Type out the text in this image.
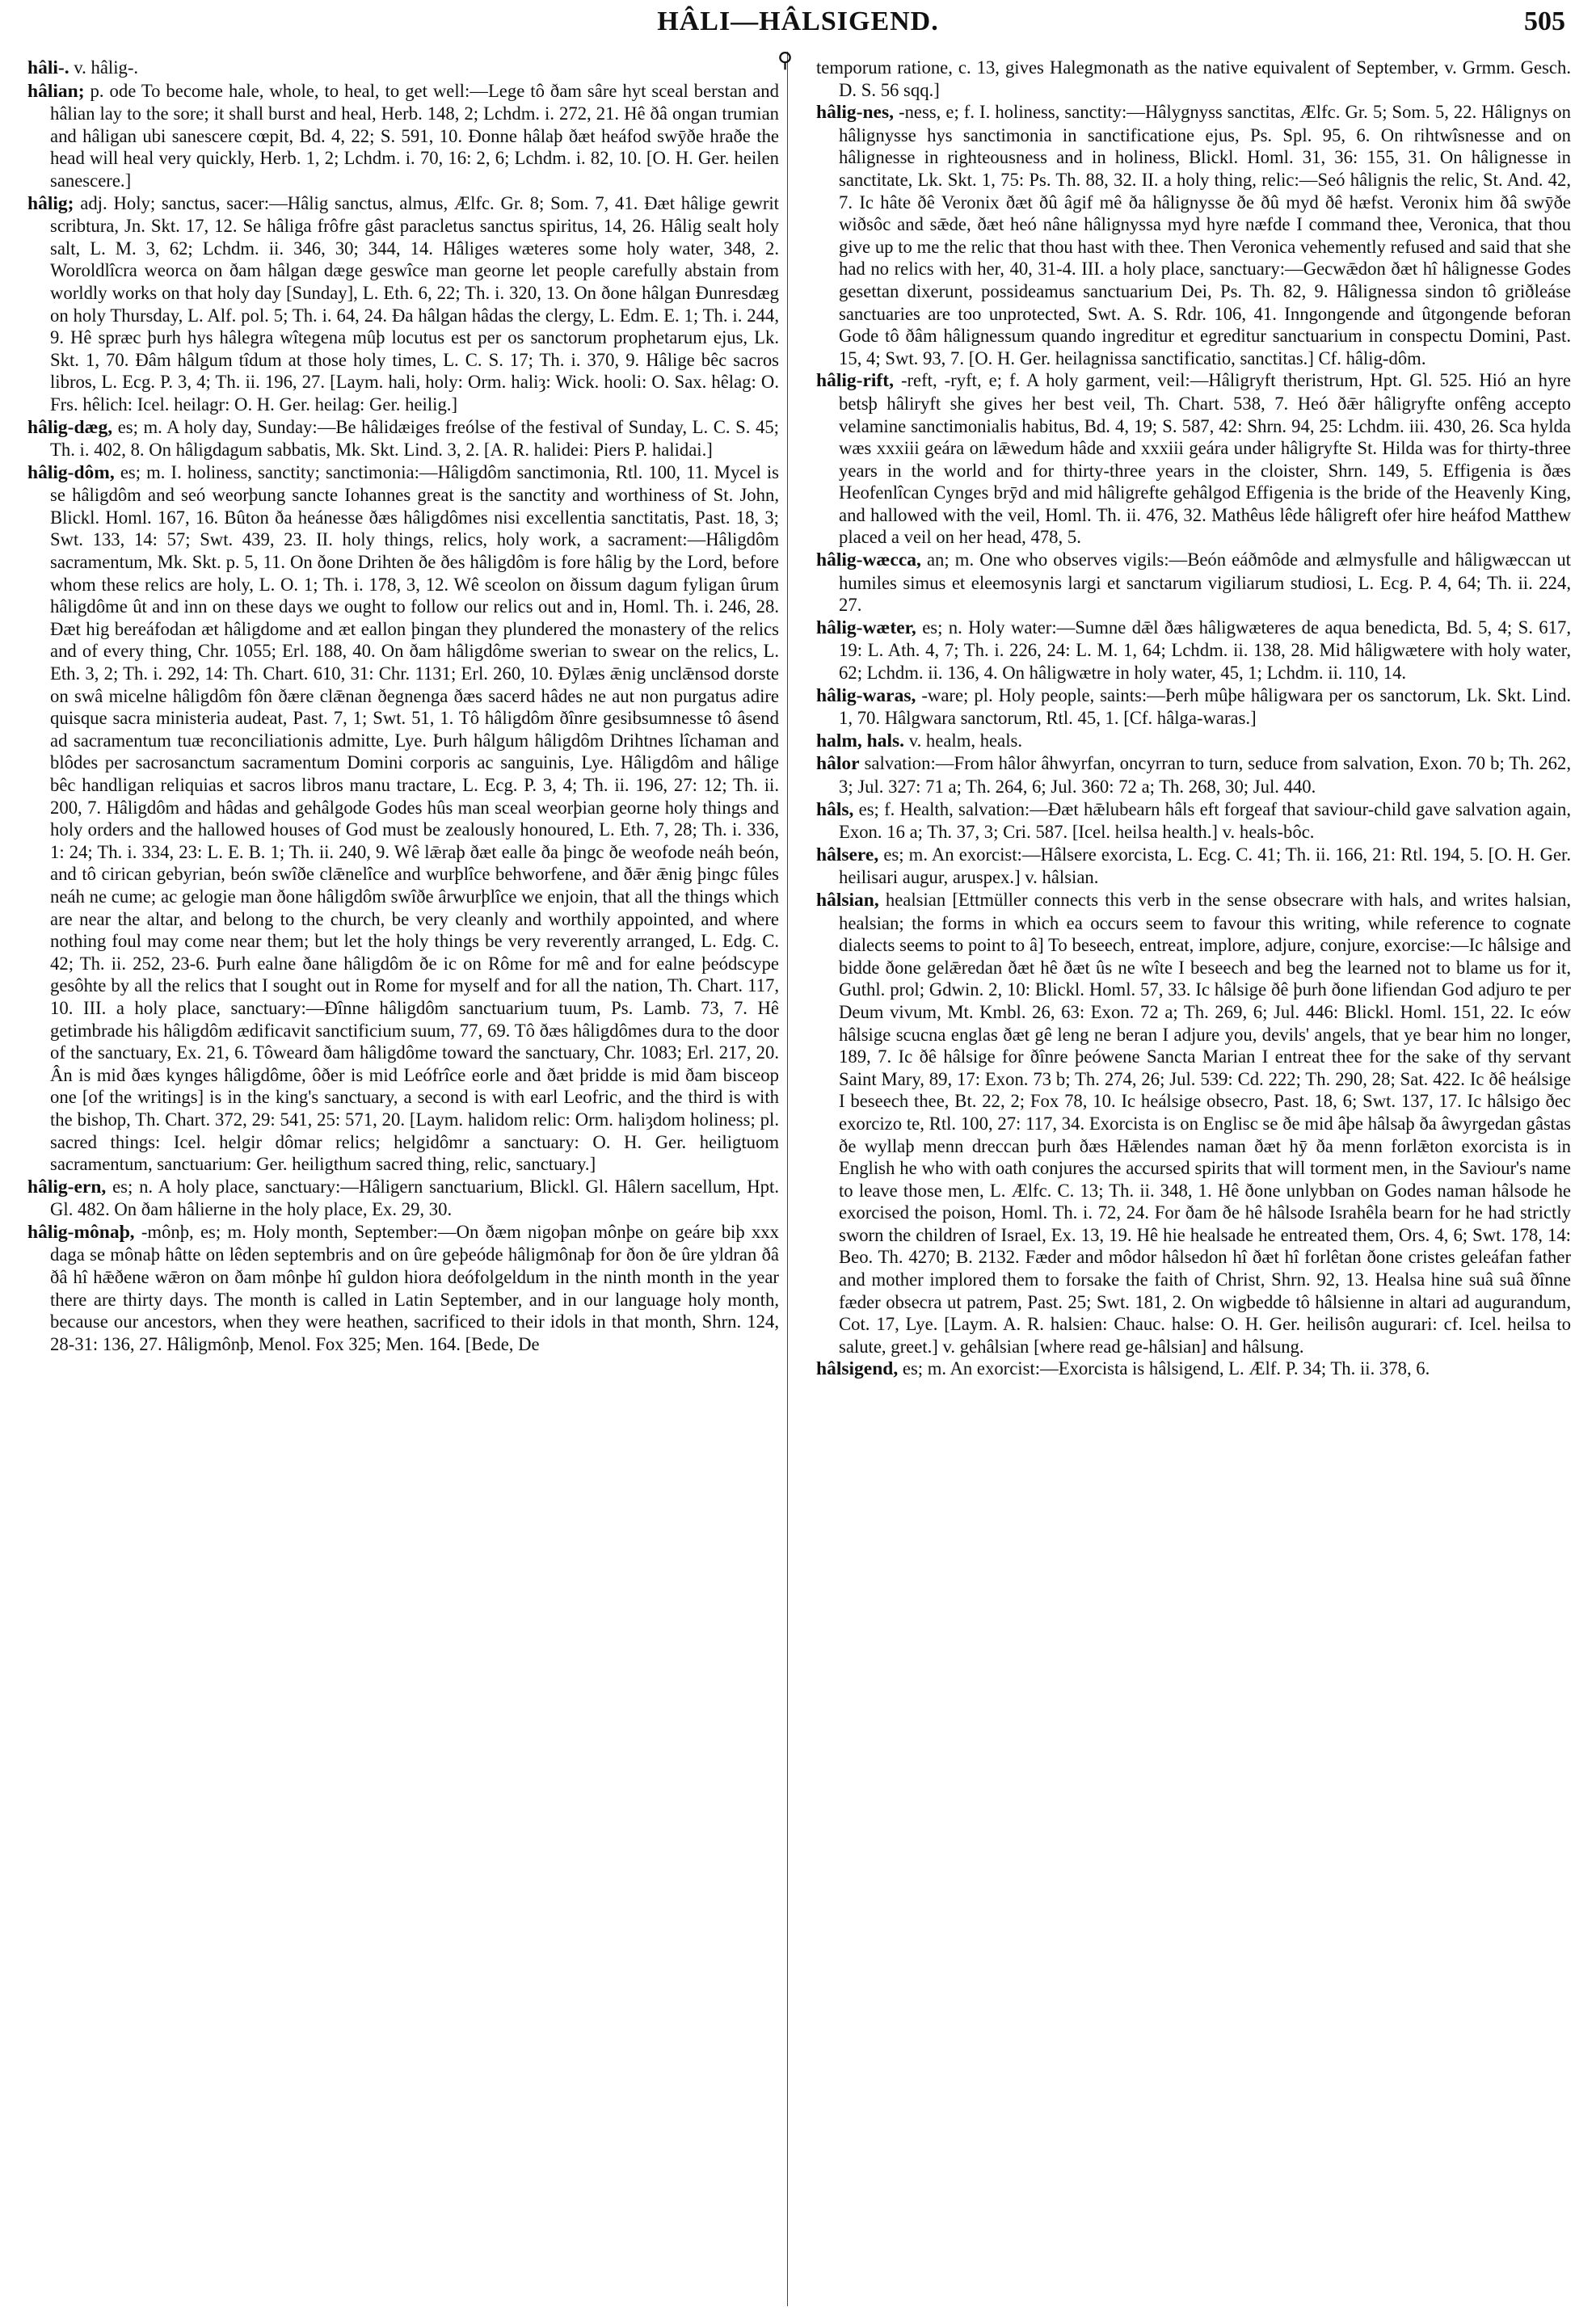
HÂLI—HÂLSIGEND.	505
⚲

hâli-. v. hâlig-.

hâlian; p. ode To become hale, whole, to heal, to get well:—Lege tô ðam sâre hyt sceal berstan and hâlian lay to the sore; it shall burst and heal, Herb. 148, 2; Lchdm. i. 272, 21. Hê ðâ ongan trumian and hâligan ubi sanescere cœpit, Bd. 4, 22; S. 591, 10. Ðonne hâlaþ ðæt heáfod swȳðe hraðe the head will heal very quickly, Herb. 1, 2; Lchdm. i. 70, 16: 2, 6; Lchdm. i. 82, 10. [O. H. Ger. heilen sanescere.]

hâlig; adj. Holy; sanctus, sacer:—Hâlig sanctus, almus, Ælfc. Gr. 8; Som. 7, 41. Ðæt hâlige gewrit scribtura, Jn. Skt. 17, 12. Se hâliga frôfre gâst paracletus sanctus spiritus, 14, 26. Hâlig sealt holy salt, L. M. 3, 62; Lchdm. ii. 346, 30; 344, 14. Hâliges wæteres some holy water, 348, 2. Woroldlîcra weorca on ðam hâlgan dæge geswîce man georne let people carefully abstain from worldly works on that holy day [Sunday], L. Eth. 6, 22; Th. i. 320, 13. On ðone hâlgan Ðunresdæg on holy Thursday, L. Alf. pol. 5; Th. i. 64, 24. Ða hâlgan hâdas the clergy, L. Edm. E. 1; Th. i. 244, 9. Hê spræc þurh hys hâlegra wîtegena mûþ locutus est per os sanctorum prophetarum ejus, Lk. Skt. 1, 70. Ðâm hâlgum tîdum at those holy times, L. C. S. 17; Th. i. 370, 9. Hâlige bêc sacros libros, L. Ecg. P. 3, 4; Th. ii. 196, 27. [Laym. hali, holy: Orm. haliȝ: Wick. hooli: O. Sax. hêlag: O. Frs. hêlich: Icel. heilagr: O. H. Ger. heilag: Ger. heilig.]

hâlig-dæg, es; m. A holy day, Sunday:—Be hâlidæiges freólse of the festival of Sunday, L. C. S. 45; Th. i. 402, 8. On hâligdagum sabbatis, Mk. Skt. Lind. 3, 2. [A. R. halidei: Piers P. halidai.]

hâlig-dôm, es; m. I. holiness, sanctity; sanctimonia:—Hâligdôm sanctimonia, Rtl. 100, 11. Mycel is se hâligdôm and seó weorþung sancte Iohannes great is the sanctity and worthiness of St. John, Blickl. Homl. 167, 16. Bûton ða heánesse ðæs hâligdômes nisi excellentia sanctitatis, Past. 18, 3; Swt. 133, 14: 57; Swt. 439, 23. II. holy things, relics, holy work, a sacrament:—Hâligdôm sacramentum, Mk. Skt. p. 5, 11. On ðone Drihten ðe ðes hâligdôm is fore hâlig by the Lord, before whom these relics are holy, L. O. 1; Th. i. 178, 3, 12. Wê sceolon on ðissum dagum fyligan ûrum hâligdôme ût and inn on these days we ought to follow our relics out and in, Homl. Th. i. 246, 28. Ðæt hig bereáfodan æt hâligdome and æt eallon þingan they plundered the monastery of the relics and of every thing, Chr. 1055; Erl. 188, 40. On ðam hâligdôme swerian to swear on the relics, L. Eth. 3, 2; Th. i. 292, 14: Th. Chart. 610, 31: Chr. 1131; Erl. 260, 10. Ðȳlæs ǣnig unclǣnsod dorste on swâ micelne hâligdôm fôn ðære clǣnan ðegnenga ðæs sacerd hâdes ne aut non purgatus adire quisque sacra ministeria audeat, Past. 7, 1; Swt. 51, 1. Tô hâligdôm ðînre gesibsumnesse tô âsend ad sacramentum tuæ reconciliationis admitte, Lye. Þurh hâlgum hâligdôm Drihtnes lîchaman and blôdes per sacrosanctum sacramentum Domini corporis ac sanguinis, Lye. Hâligdôm and hâlige bêc handligan reliquias et sacros libros manu tractare, L. Ecg. P. 3, 4; Th. ii. 196, 27: 12; Th. ii. 200, 7. Hâligdôm and hâdas and gehâlgode Godes hûs man sceal weorþian georne holy things and holy orders and the hallowed houses of God must be zealously honoured, L. Eth. 7, 28; Th. i. 336, 1: 24; Th. i. 334, 23: L. E. B. 1; Th. ii. 240, 9. Wê lǣraþ ðæt ealle ða þingc ðe weofode neáh beón, and tô cirican gebyrian, beón swîðe clǣnelîce and wurþlîce behworfene, and ðǣr ǣnig þingc fûles neáh ne cume; ac gelogie man ðone hâligdôm swîðe ârwurþlîce we enjoin, that all the things which are near the altar, and belong to the church, be very cleanly and worthily appointed, and where nothing foul may come near them; but let the holy things be very reverently arranged, L. Edg. C. 42; Th. ii. 252, 23-6. Þurh ealne ðane hâligdôm ðe ic on Rôme for mê and for ealne þeódscype gesôhte by all the relics that I sought out in Rome for myself and for all the nation, Th. Chart. 117, 10. III. a holy place, sanctuary:—Ðînne hâligdôm sanctuarium tuum, Ps. Lamb. 73, 7. Hê getimbrade his hâligdôm ædificavit sanctificium suum, 77, 69. Tô ðæs hâligdômes dura to the door of the sanctuary, Ex. 21, 6. Tôweard ðam hâligdôme toward the sanctuary, Chr. 1083; Erl. 217, 20. Ân is mid ðæs kynges hâligdôme, ôðer is mid Leófrîce eorle and ðæt þridde is mid ðam bisceop one [of the writings] is in the king's sanctuary, a second is with earl Leofric, and the third is with the bishop, Th. Chart. 372, 29: 541, 25: 571, 20. [Laym. halidom relic: Orm. haliȝdom holiness; pl. sacred things: Icel. helgir dômar relics; helgidômr a sanctuary: O. H. Ger. heiligtuom sacramentum, sanctuarium: Ger. heiligthum sacred thing, relic, sanctuary.]

hâlig-ern, es; n. A holy place, sanctuary:—Hâligern sanctuarium, Blickl. Gl. Hâlern sacellum, Hpt. Gl. 482. On ðam hâlierne in the holy place, Ex. 29, 30.

hâlig-mônaþ, -mônþ, es; m. Holy month, September:—On ðæm nigoþan mônþe on geáre biþ xxx daga se mônaþ hâtte on lêden septembris and on ûre geþeóde hâligmônaþ for ðon ðe ûre yldran ðâ ðâ hî hǣðene wǣron on ðam mônþe hî guldon hiora deófolgeldum in the ninth month in the year there are thirty days. The month is called in Latin September, and in our language holy month, because our ancestors, when they were heathen, sacrificed to their idols in that month, Shrn. 124, 28-31: 136, 27. Hâligmônþ, Menol. Fox 325; Men. 164. [Bede, De

temporum ratione, c. 13, gives Halegmonath as the native equivalent of September, v. Grmm. Gesch. D. S. 56 sqq.]

hâlig-nes, -ness, e; f. I. holiness, sanctity:—Hâlygnyss sanctitas, Ælfc. Gr. 5; Som. 5, 22. Hâlignys on hâlignysse hys sanctimonia in sanctificatione ejus, Ps. Spl. 95, 6. On rihtwîsnesse and on hâlignesse in righteousness and in holiness, Blickl. Homl. 31, 36: 155, 31. On hâlignesse in sanctitate, Lk. Skt. 1, 75: Ps. Th. 88, 32. II. a holy thing, relic:—Seó hâlignis the relic, St. And. 42, 7. Ic hâte ðê Veronix ðæt ðû âgif mê ða hâlignysse ðe ðû myd ðê hæfst. Veronix him ðâ swȳðe wiðsôc and sǣde, ðæt heó nâne hâlignyssa myd hyre næfde I command thee, Veronica, that thou give up to me the relic that thou hast with thee. Then Veronica vehemently refused and said that she had no relics with her, 40, 31-4. III. a holy place, sanctuary:—Gecwǣdon ðæt hî hâlignesse Godes gesettan dixerunt, possideamus sanctuarium Dei, Ps. Th. 82, 9. Hâlignessa sindon tô griðleáse sanctuaries are too unprotected, Swt. A. S. Rdr. 106, 41. Inngongende and ûtgongende beforan Gode tô ðâm hâlignessum quando ingreditur et egreditur sanctuarium in conspectu Domini, Past. 15, 4; Swt. 93, 7. [O. H. Ger. heilagnissa sanctificatio, sanctitas.] Cf. hâlig-dôm.

hâlig-rift, -reft, -ryft, e; f. A holy garment, veil:—Hâligryft theristrum, Hpt. Gl. 525. Hió an hyre betsþ hâliryft she gives her best veil, Th. Chart. 538, 7. Heó ðǣr hâligryfte onfêng accepto velamine sanctimonialis habitus, Bd. 4, 19; S. 587, 42: Shrn. 94, 25: Lchdm. iii. 430, 26. Sca hylda wæs xxxiii geára on lǣwedum hâde and xxxiii geára under hâligryfte St. Hilda was for thirty-three years in the world and for thirty-three years in the cloister, Shrn. 149, 5. Effigenia is ðæs Heofenlîcan Cynges brȳd and mid hâligrefte gehâlgod Effigenia is the bride of the Heavenly King, and hallowed with the veil, Homl. Th. ii. 476, 32. Mathêus lêde hâligreft ofer hire heáfod Matthew placed a veil on her head, 478, 5.

hâlig-wæcca, an; m. One who observes vigils:—Beón eáðmôde and ælmysfulle and hâligwæccan ut humiles simus et eleemosynis largi et sanctarum vigiliarum studiosi, L. Ecg. P. 4, 64; Th. ii. 224, 27.

hâlig-wæter, es; n. Holy water:—Sumne dǣl ðæs hâligwæteres de aqua benedicta, Bd. 5, 4; S. 617, 19: L. Ath. 4, 7; Th. i. 226, 24: L. M. 1, 64; Lchdm. ii. 138, 28. Mid hâligwætere with holy water, 62; Lchdm. ii. 136, 4. On hâligwætre in holy water, 45, 1; Lchdm. ii. 110, 14.

hâlig-waras, -ware; pl. Holy people, saints:—Þerh mûþe hâligwara per os sanctorum, Lk. Skt. Lind. 1, 70. Hâlgwara sanctorum, Rtl. 45, 1. [Cf. hâlga-waras.]

halm, hals. v. healm, heals.

hâlor salvation:—From hâlor âhwyrfan, oncyrran to turn, seduce from salvation, Exon. 70 b; Th. 262, 3; Jul. 327: 71 a; Th. 264, 6; Jul. 360: 72 a; Th. 268, 30; Jul. 440.

hâls, es; f. Health, salvation:—Ðæt hǣlubearn hâls eft forgeaf that saviour-child gave salvation again, Exon. 16 a; Th. 37, 3; Cri. 587. [Icel. heilsa health.] v. heals-bôc.

hâlsere, es; m. An exorcist:—Hâlsere exorcista, L. Ecg. C. 41; Th. ii. 166, 21: Rtl. 194, 5. [O. H. Ger. heilisari augur, aruspex.] v. hâlsian.

hâlsian, healsian [Ettmüller connects this verb in the sense obsecrare with hals, and writes halsian, healsian; the forms in which ea occurs seem to favour this writing, while reference to cognate dialects seems to point to â] To beseech, entreat, implore, adjure, conjure, exorcise:—Ic hâlsige and bidde ðone gelǣredan ðæt hê ðæt ûs ne wîte I beseech and beg the learned not to blame us for it, Guthl. prol; Gdwin. 2, 10: Blickl. Homl. 57, 33. Ic hâlsige ðê þurh ðone lifiendan God adjuro te per Deum vivum, Mt. Kmbl. 26, 63: Exon. 72 a; Th. 269, 6; Jul. 446: Blickl. Homl. 151, 22. Ic eów hâlsige scucna englas ðæt gê leng ne beran I adjure you, devils' angels, that ye bear him no longer, 189, 7. Ic ðê hâlsige for ðînre þeówene Sancta Marian I entreat thee for the sake of thy servant Saint Mary, 89, 17: Exon. 73 b; Th. 274, 26; Jul. 539: Cd. 222; Th. 290, 28; Sat. 422. Ic ðê heálsige I beseech thee, Bt. 22, 2; Fox 78, 10. Ic heálsige obsecro, Past. 18, 6; Swt. 137, 17. Ic hâlsigo ðec exorcizo te, Rtl. 100, 27: 117, 34. Exorcista is on Englisc se ðe mid âþe hâlsaþ ða âwyrgedan gâstas ðe wyllaþ menn dreccan þurh ðæs Hǣlendes naman ðæt hȳ ða menn forlǣton exorcista is in English he who with oath conjures the accursed spirits that will torment men, in the Saviour's name to leave those men, L. Ælfc. C. 13; Th. ii. 348, 1. Hê ðone unlybban on Godes naman hâlsode he exorcised the poison, Homl. Th. i. 72, 24. For ðam ðe hê hâlsode Israhêla bearn for he had strictly sworn the children of Israel, Ex. 13, 19. Hê hie healsade he entreated them, Ors. 4, 6; Swt. 178, 14: Beo. Th. 4270; B. 2132. Fæder and môdor hâlsedon hî ðæt hî forlêtan ðone cristes geleáfan father and mother implored them to forsake the faith of Christ, Shrn. 92, 13. Healsa hine suâ suâ ðînne fæder obsecra ut patrem, Past. 25; Swt. 181, 2. On wigbedde tô hâlsienne in altari ad augurandum, Cot. 17, Lye. [Laym. A. R. halsien: Chauc. halse: O. H. Ger. heilisôn augurari: cf. Icel. heilsa to salute, greet.] v. gehâlsian [where read ge-hâlsian] and hâlsung.

hâlsigend, es; m. An exorcist:—Exorcista is hâlsigend, L. Ælf. P. 34; Th. ii. 378, 6.
